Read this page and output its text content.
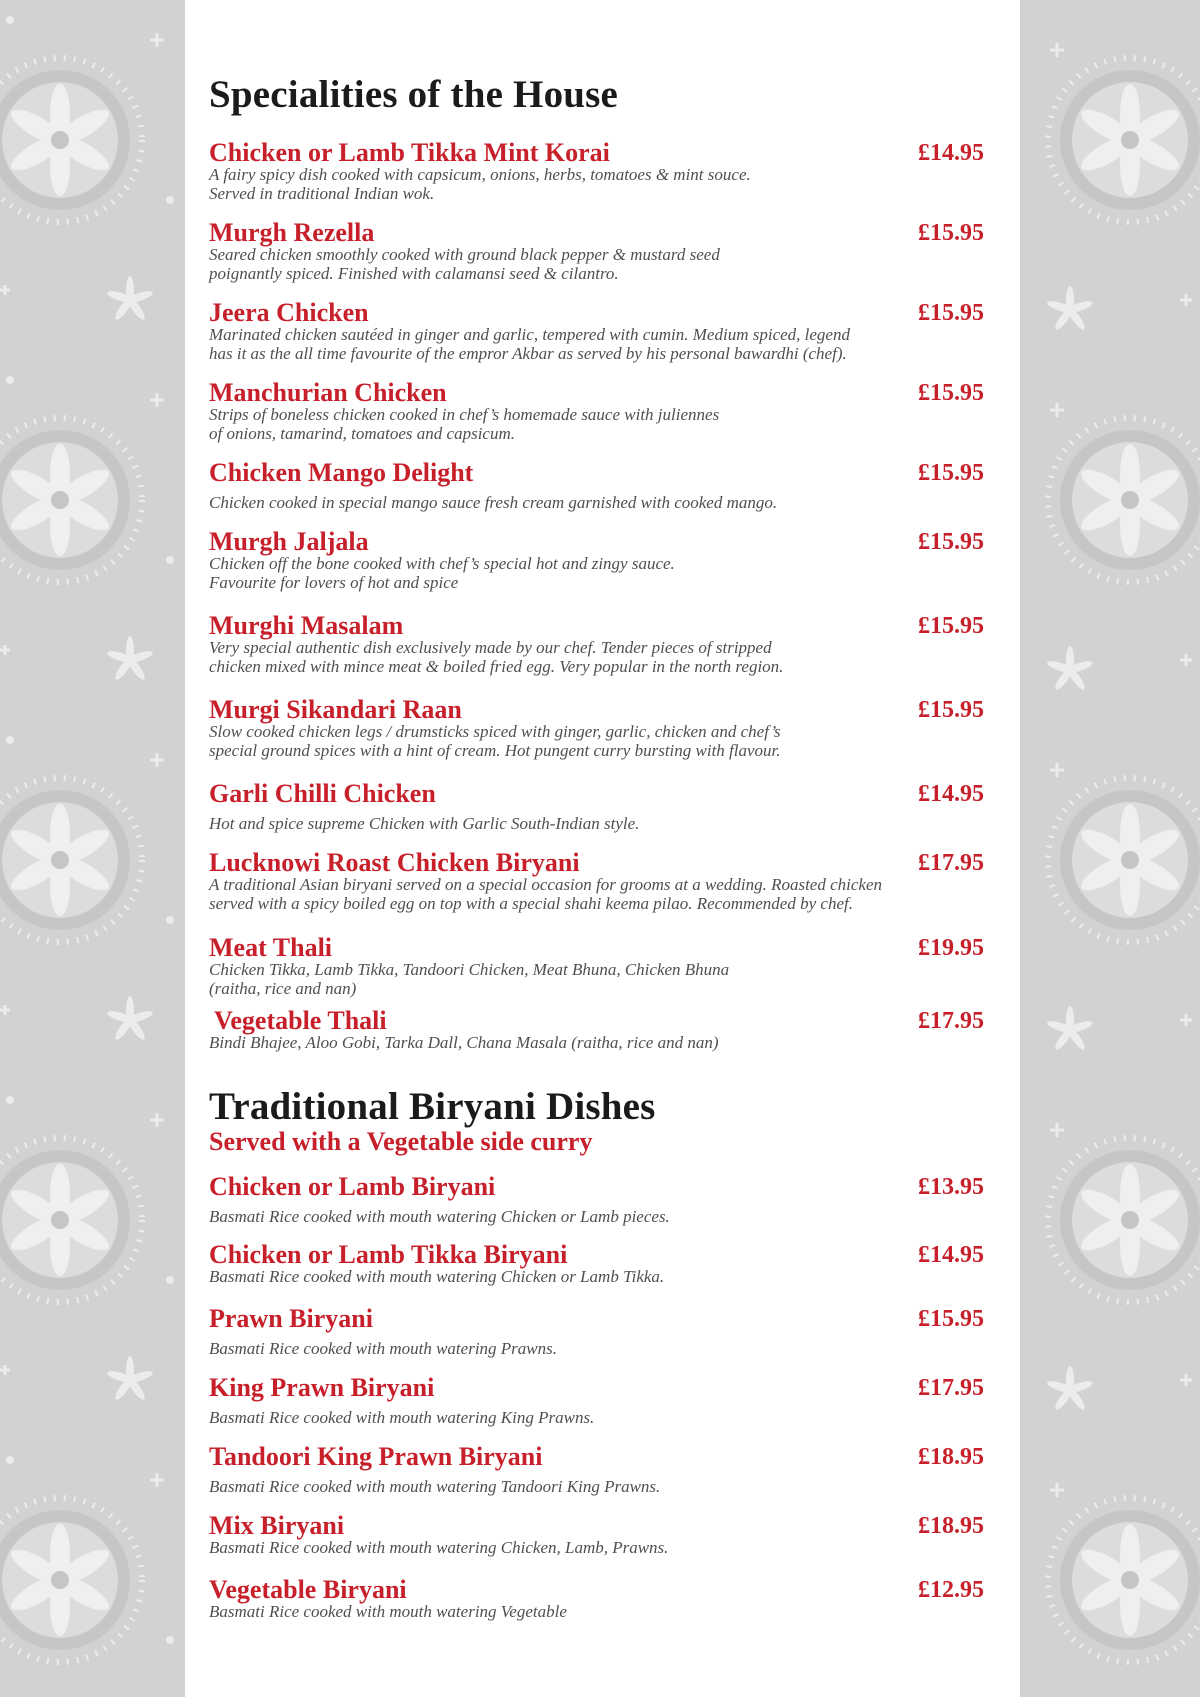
Specialities of the House
Chicken or Lamb Tikka Mint Korai	£14.95
A fairy spicy dish cooked with capsicum, onions, herbs, tomatoes & mint souce.
Served in traditional Indian wok.
Murgh Rezella	£15.95
Seared chicken smoothly cooked with ground black pepper & mustard seed
poignantly spiced. Finished with calamansi seed & cilantro.
Jeera Chicken	£15.95
Marinated chicken sautéed in ginger and garlic, tempered with cumin. Medium spiced, legend
has it as the all time favourite of the empror Akbar as served by his personal bawardhi (chef).
Manchurian Chicken	£15.95
Strips of boneless chicken cooked in chef’s homemade sauce with juliennes
of onions, tamarind, tomatoes and capsicum.
Chicken Mango Delight	£15.95
Chicken cooked in special mango sauce fresh cream garnished with cooked mango.
Murgh Jaljala	£15.95
Chicken off the bone cooked with chef’s special hot and zingy sauce.
Favourite for lovers of hot and spice
Murghi Masalam	£15.95
Very special authentic dish exclusively made by our chef. Tender pieces of stripped
chicken mixed with mince meat & boiled fried egg. Very popular in the north region.
Murgi Sikandari Raan	£15.95
Slow cooked chicken legs / drumsticks spiced with ginger, garlic, chicken and chef’s
special ground spices with a hint of cream. Hot pungent curry bursting with flavour.
Garli Chilli Chicken	£14.95
Hot and spice supreme Chicken with Garlic South-Indian style.
Lucknowi Roast Chicken Biryani	£17.95
A traditional Asian biryani served on a special occasion for grooms at a wedding. Roasted chicken
served with a spicy boiled egg on top with a special shahi keema pilao. Recommended by chef.
Meat Thali	£19.95
Chicken Tikka, Lamb Tikka, Tandoori Chicken, Meat Bhuna, Chicken Bhuna
(raitha, rice and nan)
Vegetable Thali	£17.95
Bindi Bhajee, Aloo Gobi, Tarka Dall, Chana Masala (raitha, rice and nan)
Traditional Biryani Dishes
Served with a Vegetable side curry
Chicken or Lamb Biryani	£13.95
Basmati Rice cooked with mouth watering Chicken or Lamb pieces.
Chicken or Lamb Tikka Biryani	£14.95
Basmati Rice cooked with mouth watering Chicken or Lamb Tikka.
Prawn Biryani	£15.95
Basmati Rice cooked with mouth watering Prawns.
King Prawn Biryani	£17.95
Basmati Rice cooked with mouth watering King Prawns.
Tandoori King Prawn Biryani	£18.95
Basmati Rice cooked with mouth watering Tandoori King Prawns.
Mix Biryani	£18.95
Basmati Rice cooked with mouth watering Chicken, Lamb, Prawns.
Vegetable Biryani	£12.95
Basmati Rice cooked with mouth watering Vegetable
